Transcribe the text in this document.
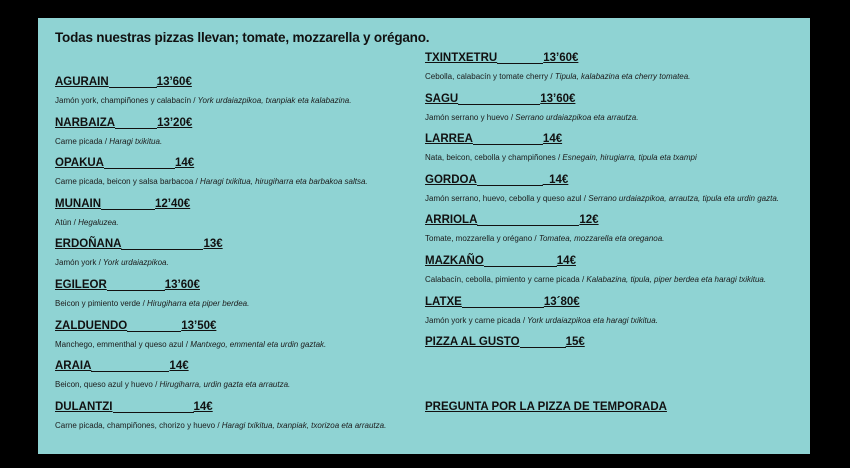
Todas nuestras pizzas llevan; tomate, mozzarella y orégano.
AGURAIN	13’60€
Jamón york, champiñones y calabacín / York urdaiazpikoa, txanpiak eta kalabazina.
NARBAIZA	13’20€
Carne picada / Haragi txikitua.
OPAKUA	14€
Carne picada, beicon y salsa barbacoa / Haragi txikitua, hirugiharra eta barbakoa saltsa.
MUNAIN	12’40€
Atún / Hegaluzea.
ERDOÑANA	13€
Jamón york / York urdaiazpikoa.
EGILEOR	13’60€
Beicon y pimiento verde / Hirugiharra eta piper berdea.
ZALDUENDO	13’50€
Manchego, emmenthal y queso azul / Mantxego, emmental eta urdin gaztak.
ARAIA	14€
Beicon, queso azul y huevo / Hirugiharra, urdin gazta eta arrautza.
DULANTZI	14€
Carne picada, champiñones, chorizo y huevo / Haragi txikitua, txanpiak, txorizoa eta arrautza.
TXINTXETRU	13’60€
Cebolla, calabacín y tomate cherry / Tipula, kalabazina eta cherry tomatea.
SAGU	13’60€
Jamón serrano y huevo / Serrano urdaiazpikoa eta arrautza.
LARREA	14€
Nata, beicon, cebolla y champiñones / Esnegain, hirugiarra, tipula eta txampi
GORDOA	_14€
Jamón serrano, huevo, cebolla y queso azul / Serrano urdaiazpikoa, arrautza, tipula eta urdin gazta.
ARRIOLA	12€
Tomate, mozzarella y orégano / Tomatea, mozzarella eta oreganoa.
MAZKAÑO	14€
Calabacín, cebolla, pimiento y carne picada / Kalabazina, tipula, piper berdea eta haragi txikitua.
LATXE	13´80€
Jamón york y carne picada / York urdaiazpikoa eta haragi txikitua.
PIZZA AL GUSTO	15€
PREGUNTA POR LA PIZZA DE TEMPORADA
